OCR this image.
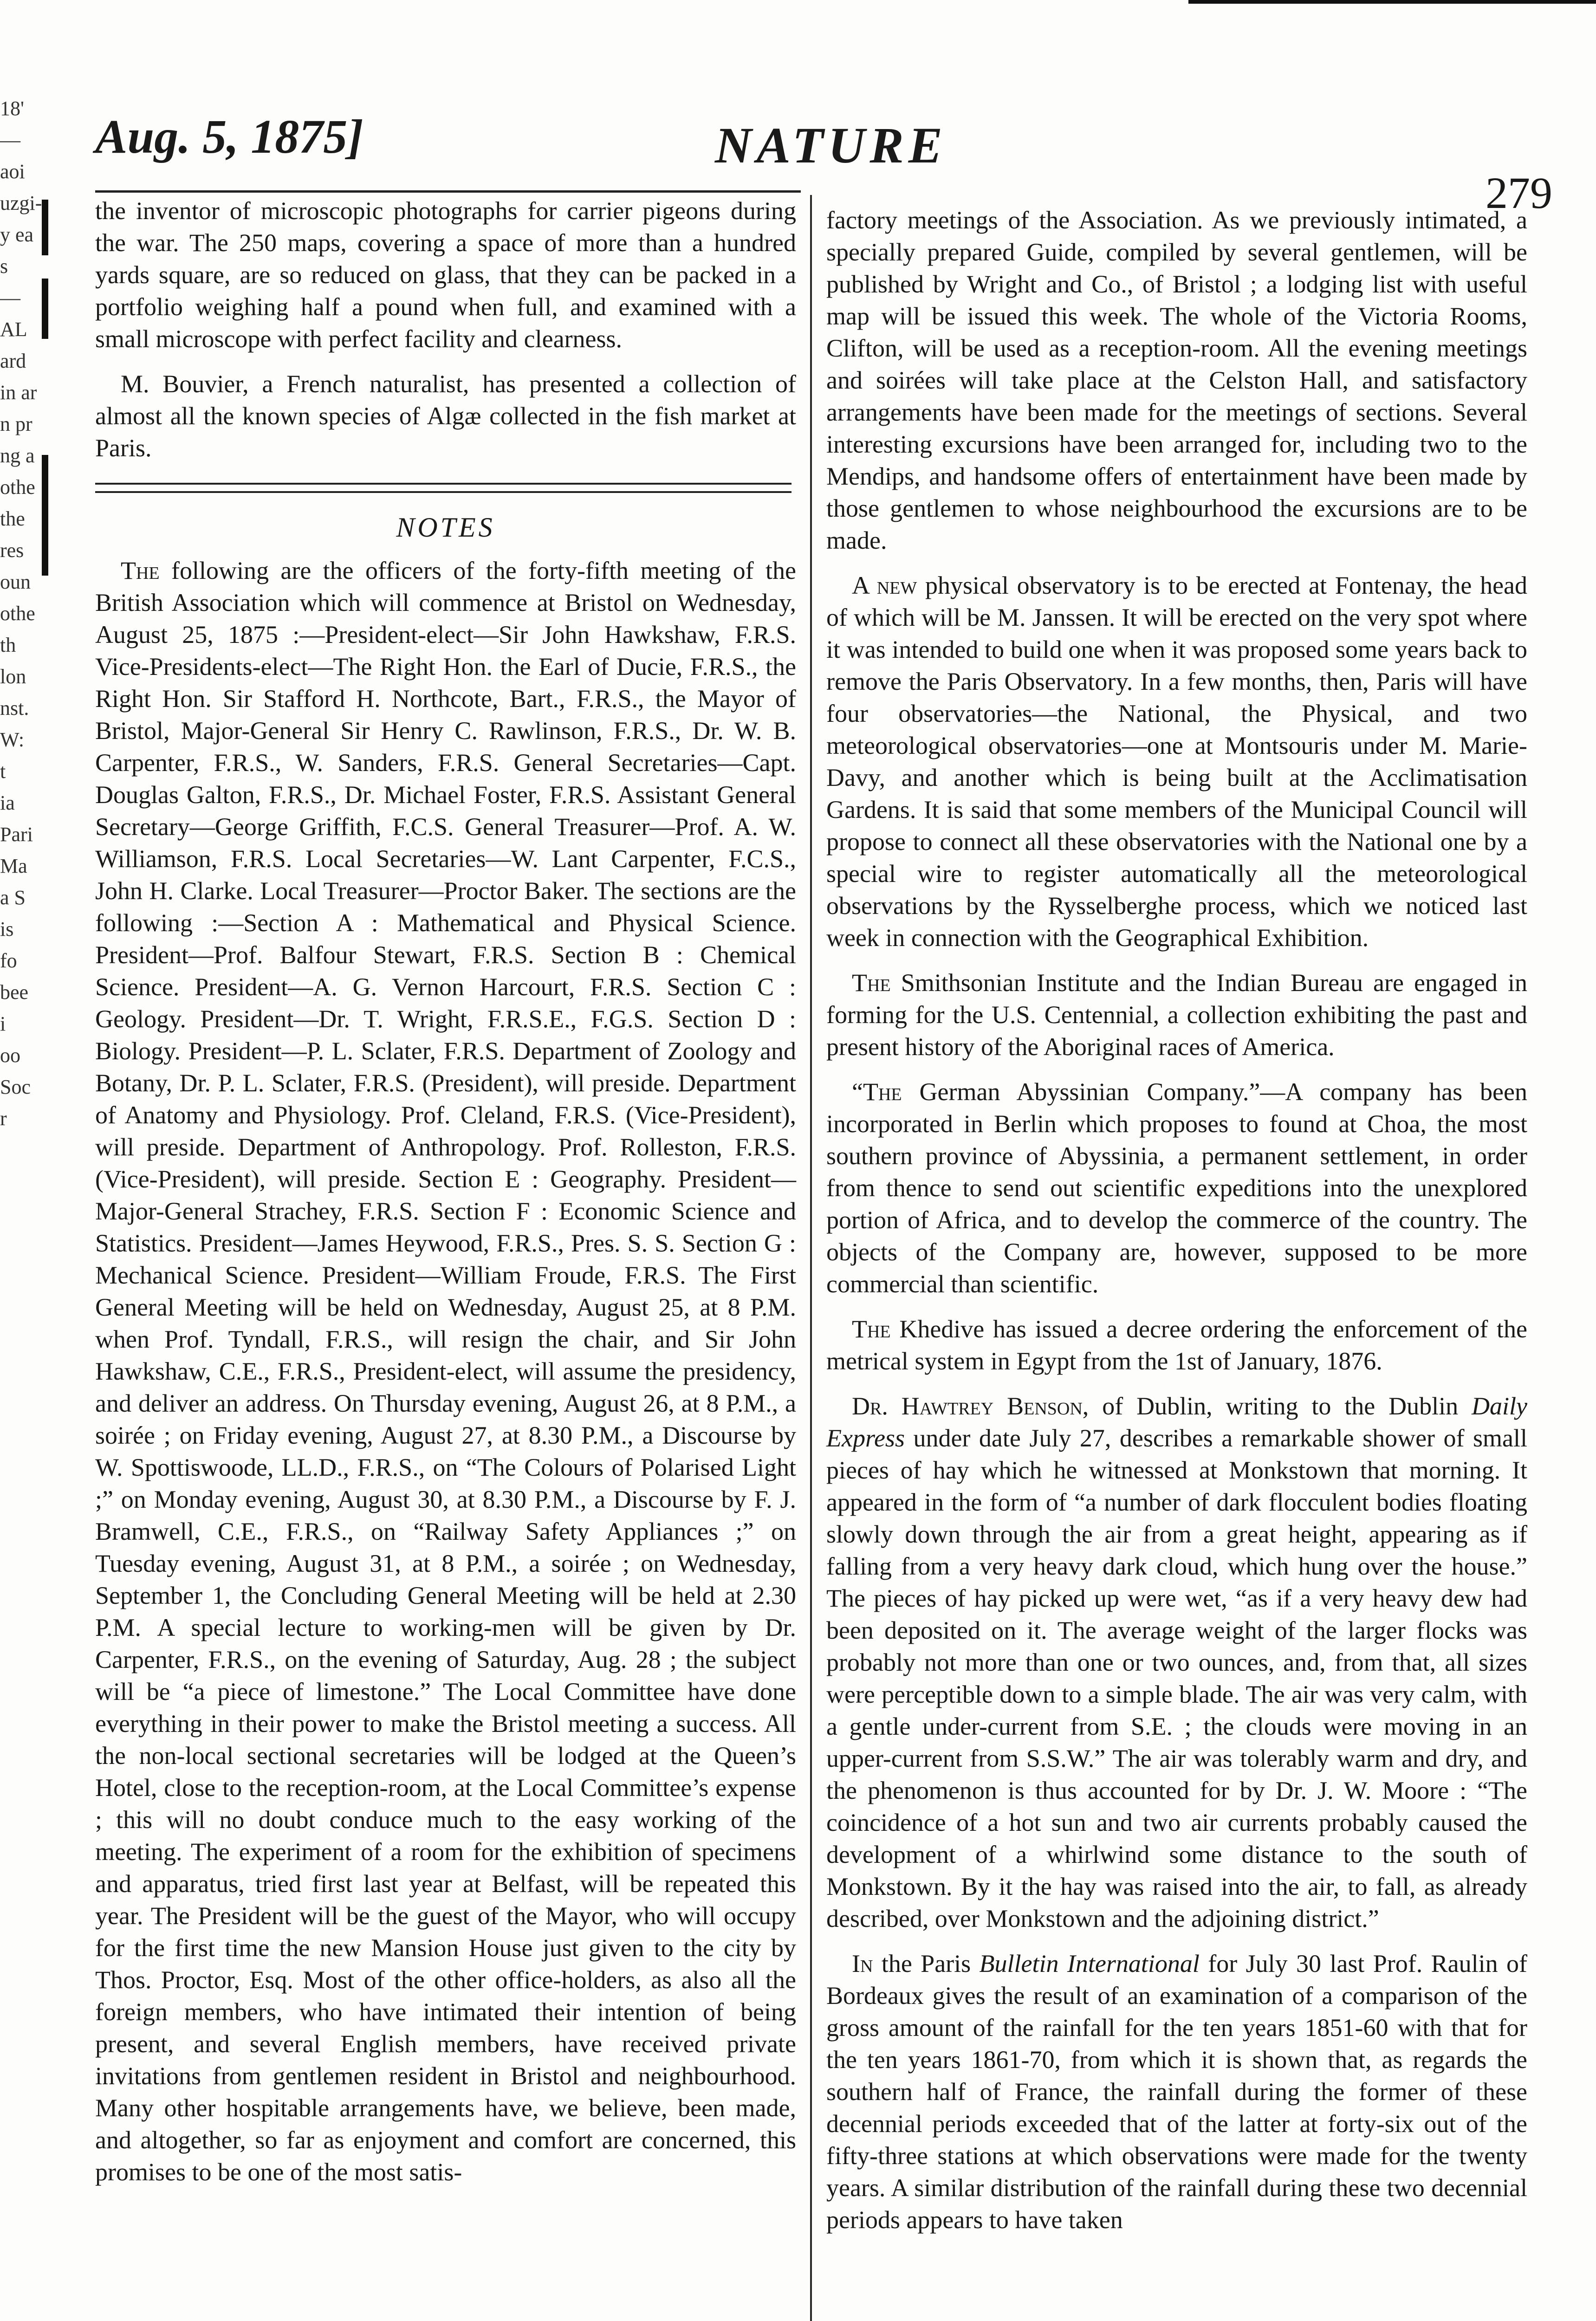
18'
—
aoi
uzgi-
y ea
s
—
AL
ard
in ar
n pr
ng a
othe
the
res
oun
othe
th
lon
nst.
W:
t
ia
Pari
Ma
a S
is
fo
bee
i
oo
Soc
r
Aug. 5, 1875]	NATURE
279

the inventor of microscopic photographs for carrier pigeons during the war. The 250 maps, covering a space of more than a hundred yards square, are so reduced on glass, that they can be packed in a portfolio weighing half a pound when full, and examined with a small microscope with perfect facility and clearness.

M. Bouvier, a French naturalist, has presented a collection of almost all the known species of Algæ collected in the fish market at Paris.

NOTES

The following are the officers of the forty-fifth meeting of the British Association which will commence at Bristol on Wednesday, August 25, 1875 :—President-elect—Sir John Hawkshaw, F.R.S. Vice-Presidents-elect—The Right Hon. the Earl of Ducie, F.R.S., the Right Hon. Sir Stafford H. Northcote, Bart., F.R.S., the Mayor of Bristol, Major-General Sir Henry C. Rawlinson, F.R.S., Dr. W. B. Carpenter, F.R.S., W. Sanders, F.R.S. General Secretaries—Capt. Douglas Galton, F.R.S., Dr. Michael Foster, F.R.S. Assistant General Secretary—George Griffith, F.C.S. General Treasurer—Prof. A. W. Williamson, F.R.S. Local Secretaries—W. Lant Carpenter, F.C.S., John H. Clarke. Local Treasurer—Proctor Baker. The sections are the following :—Section A : Mathematical and Physical Science. President—Prof. Balfour Stewart, F.R.S. Section B : Chemical Science. President—A. G. Vernon Harcourt, F.R.S. Section C : Geology. President—Dr. T. Wright, F.R.S.E., F.G.S. Section D : Biology. President—P. L. Sclater, F.R.S. Department of Zoology and Botany, Dr. P. L. Sclater, F.R.S. (President), will preside. Department of Anatomy and Physiology. Prof. Cleland, F.R.S. (Vice-President), will preside. Department of Anthropology. Prof. Rolleston, F.R.S. (Vice-President), will preside. Section E : Geography. President—Major-General Strachey, F.R.S. Section F : Economic Science and Statistics. President—James Heywood, F.R.S., Pres. S. S. Section G : Mechanical Science. President—William Froude, F.R.S. The First General Meeting will be held on Wednesday, August 25, at 8 P.M. when Prof. Tyndall, F.R.S., will resign the chair, and Sir John Hawkshaw, C.E., F.R.S., President-elect, will assume the presidency, and deliver an address. On Thursday evening, August 26, at 8 P.M., a soirée ; on Friday evening, August 27, at 8.30 P.M., a Discourse by W. Spottiswoode, LL.D., F.R.S., on “The Colours of Polarised Light ;” on Monday evening, August 30, at 8.30 P.M., a Discourse by F. J. Bramwell, C.E., F.R.S., on “Railway Safety Appliances ;” on Tuesday evening, August 31, at 8 P.M., a soirée ; on Wednesday, September 1, the Concluding General Meeting will be held at 2.30 P.M. A special lecture to working-men will be given by Dr. Carpenter, F.R.S., on the evening of Saturday, Aug. 28 ; the subject will be “a piece of limestone.” The Local Committee have done everything in their power to make the Bristol meeting a success. All the non-local sectional secretaries will be lodged at the Queen’s Hotel, close to the reception-room, at the Local Committee’s expense ; this will no doubt conduce much to the easy working of the meeting. The experiment of a room for the exhibition of specimens and apparatus, tried first last year at Belfast, will be repeated this year. The President will be the guest of the Mayor, who will occupy for the first time the new Mansion House just given to the city by Thos. Proctor, Esq. Most of the other office-holders, as also all the foreign members, who have intimated their intention of being present, and several English members, have received private invitations from gentlemen resident in Bristol and neighbourhood. Many other hospitable arrangements have, we believe, been made, and altogether, so far as enjoyment and comfort are concerned, this promises to be one of the most satis-

factory meetings of the Association. As we previously intimated, a specially prepared Guide, compiled by several gentlemen, will be published by Wright and Co., of Bristol ; a lodging list with useful map will be issued this week. The whole of the Victoria Rooms, Clifton, will be used as a reception-room. All the evening meetings and soirées will take place at the Celston Hall, and satisfactory arrangements have been made for the meetings of sections. Several interesting excursions have been arranged for, including two to the Mendips, and handsome offers of entertainment have been made by those gentlemen to whose neighbourhood the excursions are to be made.

A new physical observatory is to be erected at Fontenay, the head of which will be M. Janssen. It will be erected on the very spot where it was intended to build one when it was proposed some years back to remove the Paris Observatory. In a few months, then, Paris will have four observatories—the National, the Physical, and two meteorological observatories—one at Montsouris under M. Marie-Davy, and another which is being built at the Acclimatisation Gardens. It is said that some members of the Municipal Council will propose to connect all these observatories with the National one by a special wire to register automatically all the meteorological observations by the Rysselberghe process, which we noticed last week in connection with the Geographical Exhibition.

The Smithsonian Institute and the Indian Bureau are engaged in forming for the U.S. Centennial, a collection exhibiting the past and present history of the Aboriginal races of America.

“The German Abyssinian Company.”—A company has been incorporated in Berlin which proposes to found at Choa, the most southern province of Abyssinia, a permanent settlement, in order from thence to send out scientific expeditions into the unexplored portion of Africa, and to develop the commerce of the country. The objects of the Company are, however, supposed to be more commercial than scientific.

The Khedive has issued a decree ordering the enforcement of the metrical system in Egypt from the 1st of January, 1876.

Dr. Hawtrey Benson, of Dublin, writing to the Dublin Daily Express under date July 27, describes a remarkable shower of small pieces of hay which he witnessed at Monkstown that morning. It appeared in the form of “a number of dark flocculent bodies floating slowly down through the air from a great height, appearing as if falling from a very heavy dark cloud, which hung over the house.” The pieces of hay picked up were wet, “as if a very heavy dew had been deposited on it. The average weight of the larger flocks was probably not more than one or two ounces, and, from that, all sizes were perceptible down to a simple blade. The air was very calm, with a gentle under-current from S.E. ; the clouds were moving in an upper-current from S.S.W.” The air was tolerably warm and dry, and the phenomenon is thus accounted for by Dr. J. W. Moore : “The coincidence of a hot sun and two air currents probably caused the development of a whirlwind some distance to the south of Monkstown. By it the hay was raised into the air, to fall, as already described, over Monkstown and the adjoining district.”

In the Paris Bulletin International for July 30 last Prof. Raulin of Bordeaux gives the result of an examination of a comparison of the gross amount of the rainfall for the ten years 1851-60 with that for the ten years 1861-70, from which it is shown that, as regards the southern half of France, the rainfall during the former of these decennial periods exceeded that of the latter at forty-six out of the fifty-three stations at which observations were made for the twenty years. A similar distribution of the rainfall during these two decennial periods appears to have taken
